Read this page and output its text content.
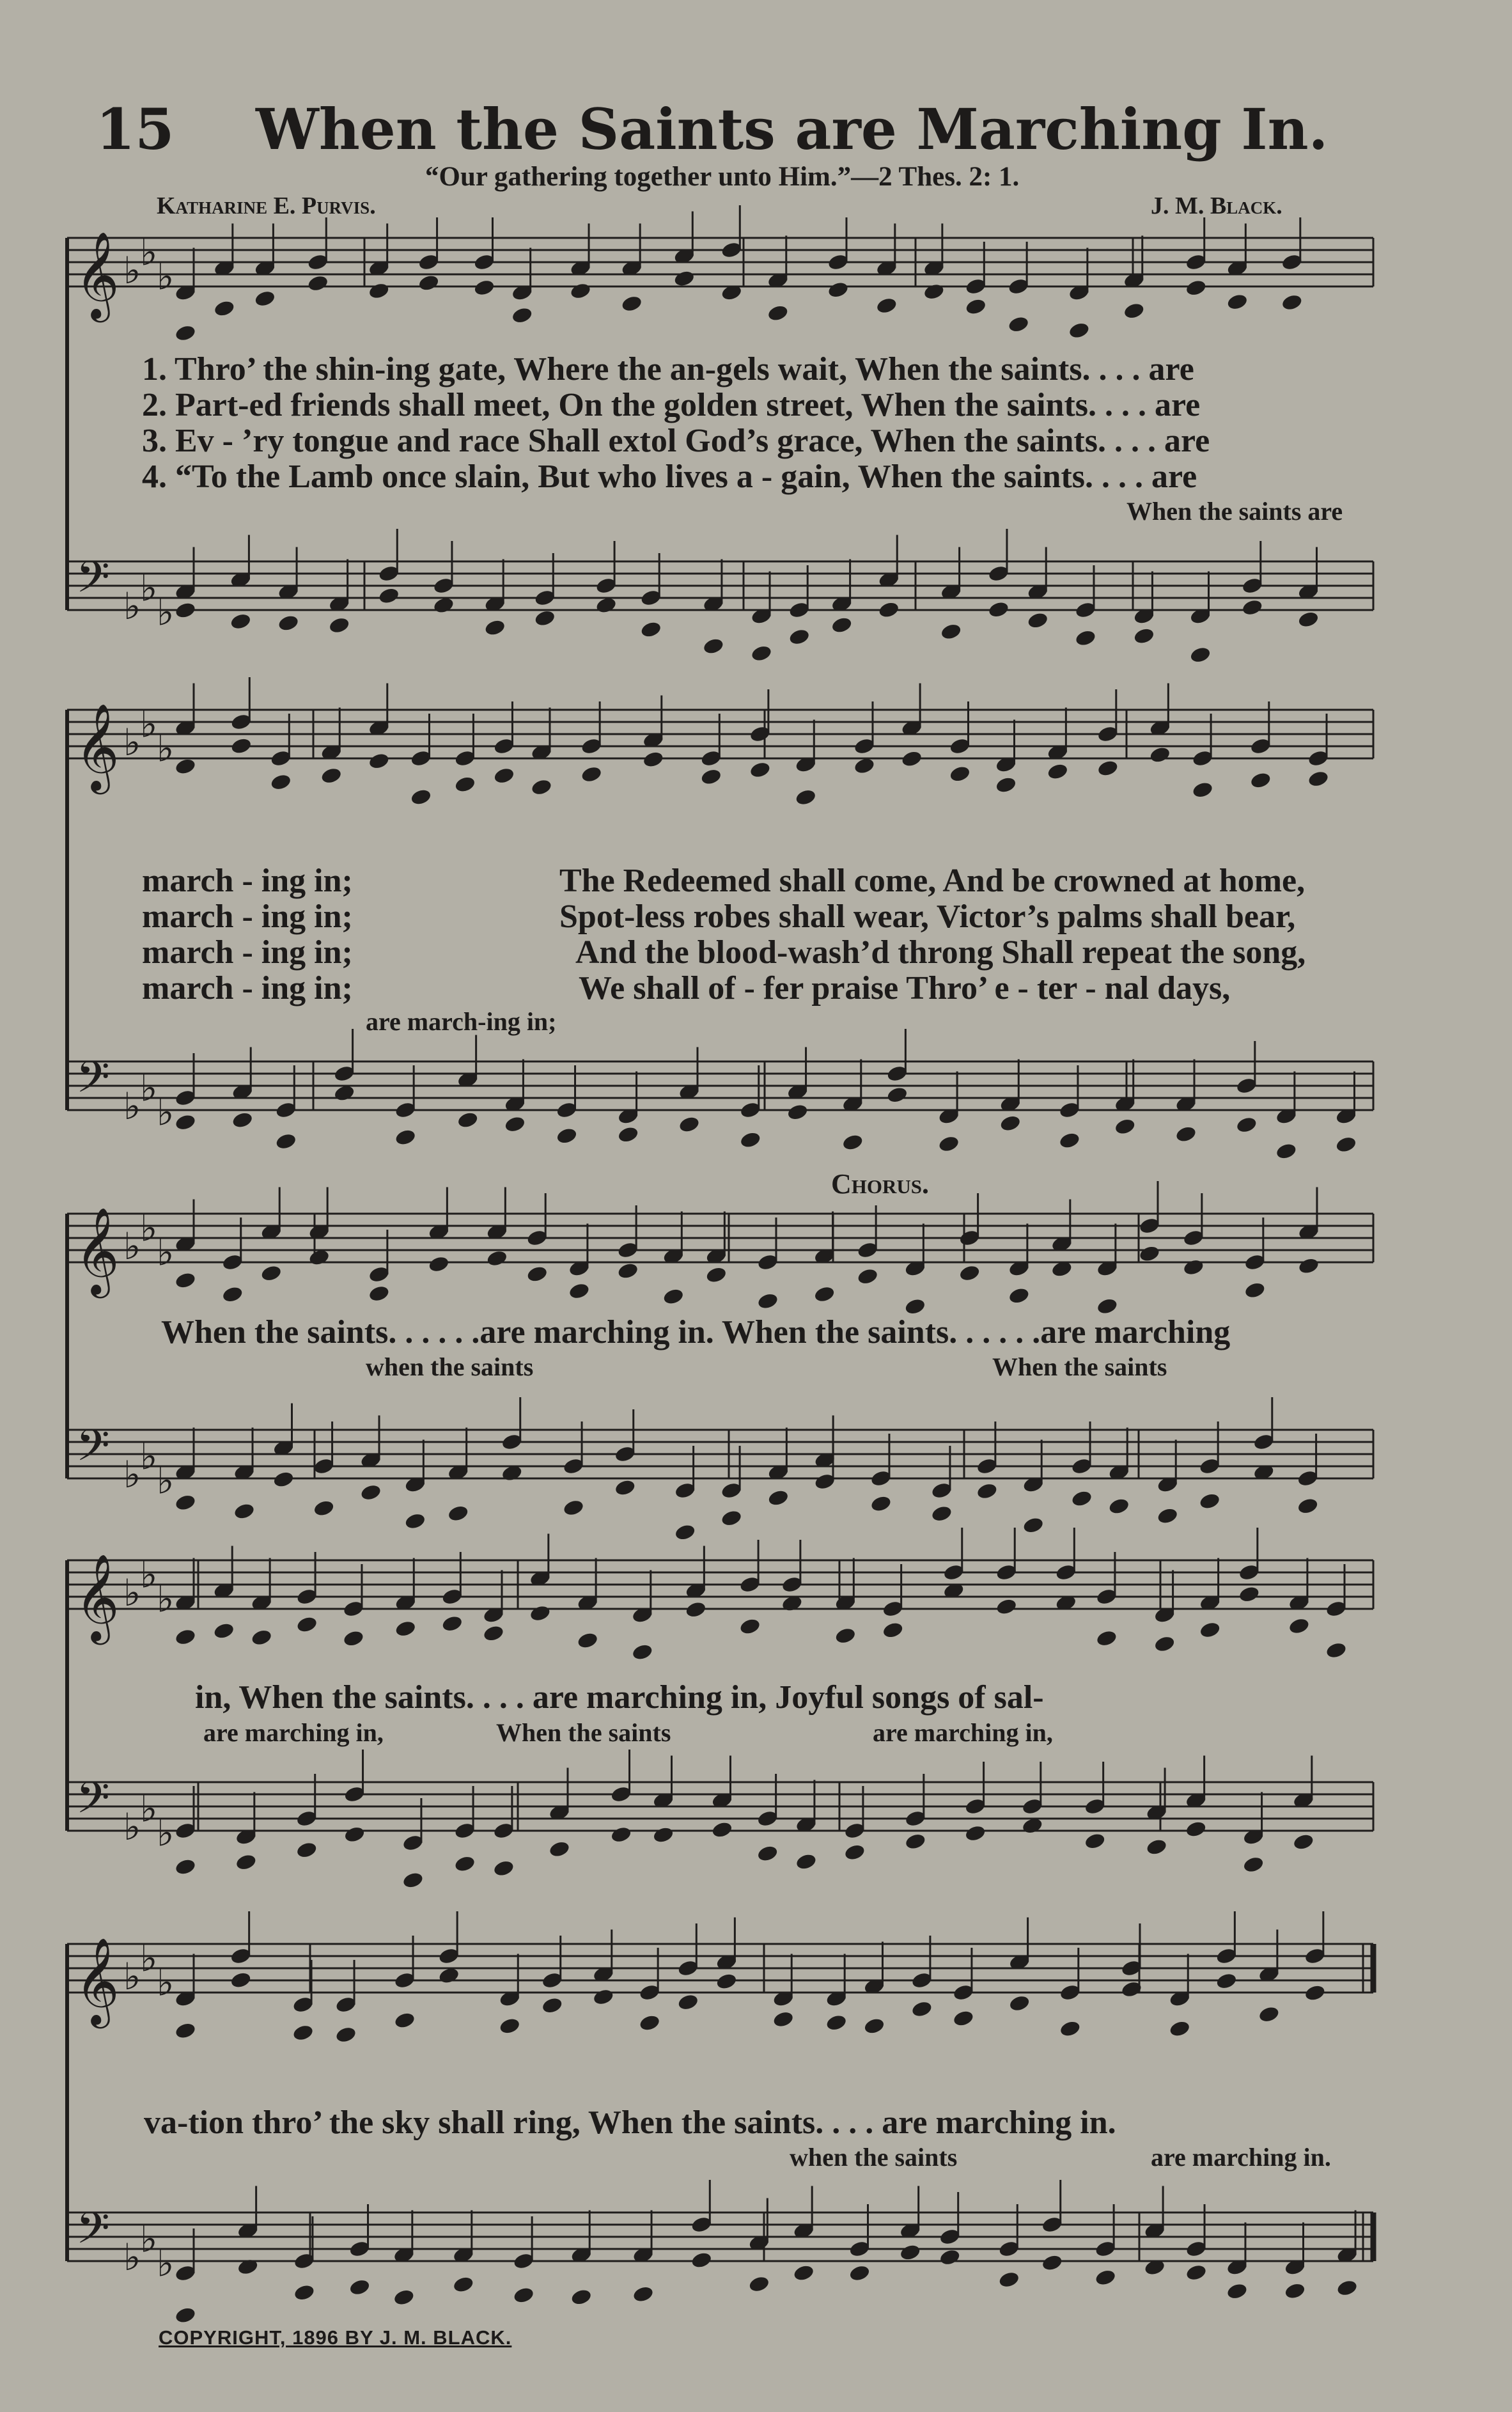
15 When the Saints are Marching In.
“Our gathering together unto Him.”—2 Thes. 2: 1.
Katharine E. Purvis.	J. M. Black.
𝄞
𝄢
♭
♭
♭
♭
♭
♭
𝄞
𝄢
♭
♭
♭
♭
♭
♭
𝄞
𝄢
♭
♭
♭
♭
♭
♭
𝄞
𝄢
♭
♭
♭
♭
♭
♭
𝄞
𝄢
♭
♭
♭
♭
♭
♭
1. Thro’ the shin-ing gate, Where the an-gels wait, When the saints. . . . are
2. Part-ed friends shall meet, On the golden street, When the saints. . . . are
3. Ev - ’ry tongue and race Shall extol God’s grace, When the saints. . . . are
4. “To the Lamb once slain, But who lives a - gain, When the saints. . . . are
When the saints are
march - ing in;
march - ing in;
march - ing in;
march - ing in;
The Redeemed shall come, And be crowned at home,
Spot-less robes shall wear, Victor’s palms shall bear,
And the blood-wash’d throng Shall repeat the song,
We shall of - fer praise Thro’ e - ter - nal days,
are march-ing in;
Chorus.
When the saints. . . . . .are marching in. When the saints. . . . . .are marching
when the saints	When the saints
in, When the saints. . . . are marching in, Joyful songs of sal-
are marching in,	When the saints	are marching in,
va-tion thro’ the sky shall ring, When the saints. . . . are marching in.
when the saints	are marching in.
COPYRIGHT, 1896 BY J. M. BLACK.
